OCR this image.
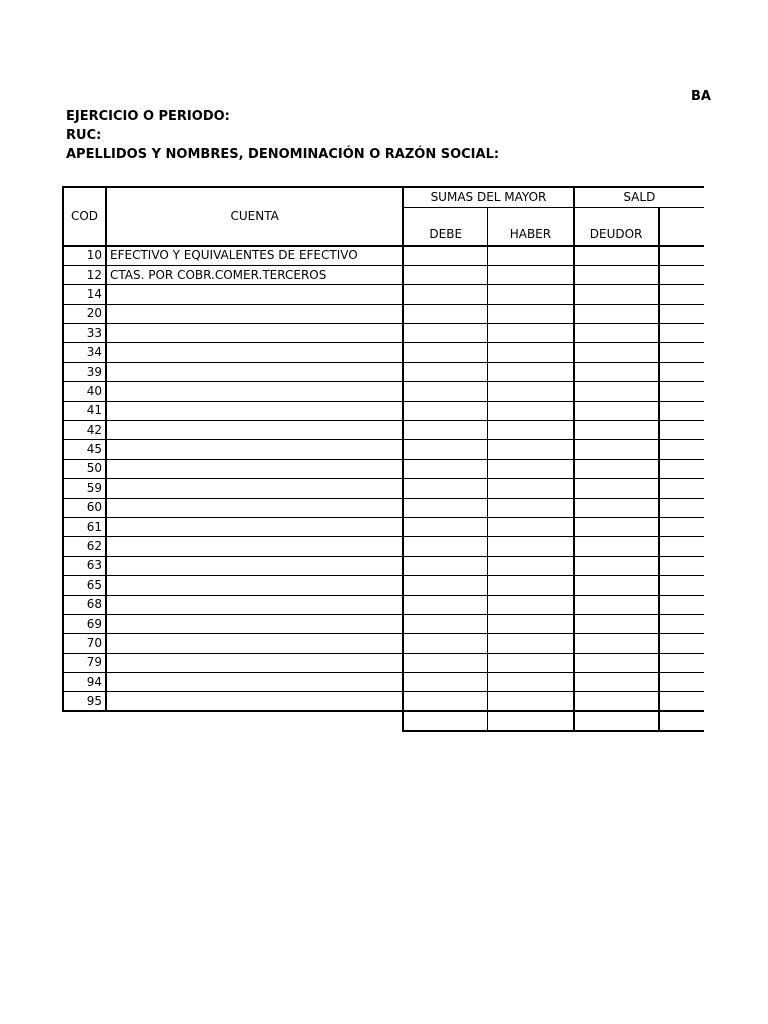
BA
EJERCICIO O PERIODO:
RUC:
APELLIDOS Y NOMBRES, DENOMINACIÓN O RAZÓN SOCIAL:
COD	CUENTA	SUMAS DEL MAYOR		SALD	
		DEBE	HABER	DEUDOR	
10	EFECTIVO Y EQUIVALENTES DE EFECTIVO				
12	CTAS. POR COBR.COMER.TERCEROS				
14					
20					
33					
34					
39					
40					
41					
42					
45					
50					
59					
60					
61					
62					
63					
65					
68					
69					
70					
79					
94					
95					
